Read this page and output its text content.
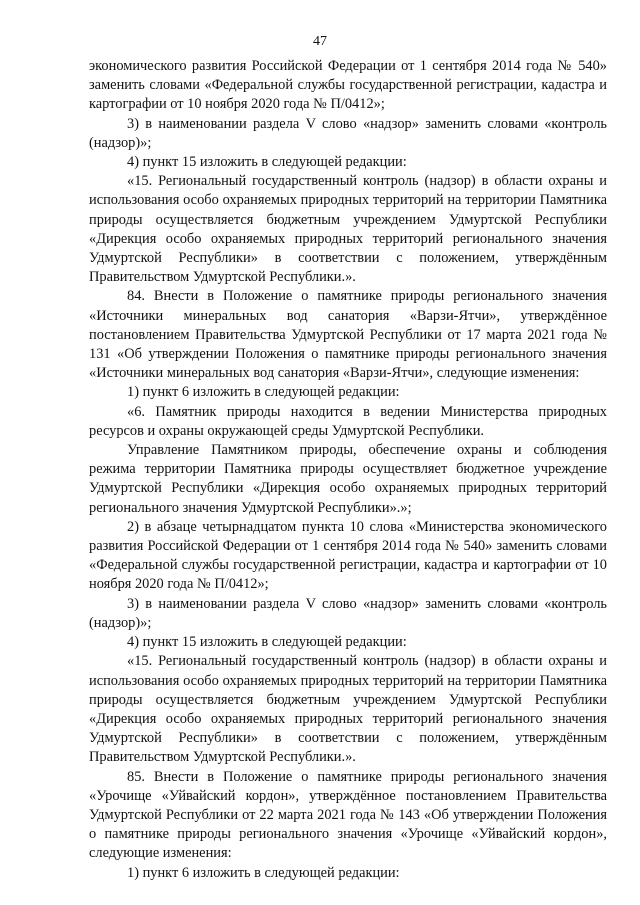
47

экономического развития Российской Федерации от 1 сентября 2014 года № 540» заменить словами «Федеральной службы государственной регистрации, кадастра и картографии от 10 ноября 2020 года № П/0412»;

3) в наименовании раздела V слово «надзор» заменить словами «контроль (надзор)»;

4) пункт 15 изложить в следующей редакции:

«15. Региональный государственный контроль (надзор) в области охраны и использования особо охраняемых природных территорий на территории Памятника природы осуществляется бюджетным учреждением Удмуртской Республики «Дирекция особо охраняемых природных территорий регионального значения Удмуртской Республики» в соответствии с положением, утверждённым Правительством Удмуртской Республики.».

84. Внести в Положение о памятнике природы регионального значения «Источники минеральных вод санатория «Варзи-Ятчи», утверждённое постановлением Правительства Удмуртской Республики от 17 марта 2021 года № 131 «Об утверждении Положения о памятнике природы регионального значения «Источники минеральных вод санатория «Варзи-Ятчи», следующие изменения:

1) пункт 6 изложить в следующей редакции:

«6. Памятник природы находится в ведении Министерства природных ресурсов и охраны окружающей среды Удмуртской Республики.

Управление Памятником природы, обеспечение охраны и соблюдения режима территории Памятника природы осуществляет бюджетное учреждение Удмуртской Республики «Дирекция особо охраняемых природных территорий регионального значения Удмуртской Республики».»;

2) в абзаце четырнадцатом пункта 10 слова «Министерства экономического развития Российской Федерации от 1 сентября 2014 года № 540» заменить словами «Федеральной службы государственной регистрации, кадастра и картографии от 10 ноября 2020 года № П/0412»;

3) в наименовании раздела V слово «надзор» заменить словами «контроль (надзор)»;

4) пункт 15 изложить в следующей редакции:

«15. Региональный государственный контроль (надзор) в области охраны и использования особо охраняемых природных территорий на территории Памятника природы осуществляется бюджетным учреждением Удмуртской Республики «Дирекция особо охраняемых природных территорий регионального значения Удмуртской Республики» в соответствии с положением, утверждённым Правительством Удмуртской Республики.».

85. Внести в Положение о памятнике природы регионального значения «Урочище «Уйвайский кордон», утверждённое постановлением Правительства Удмуртской Республики от 22 марта 2021 года № 143 «Об утверждении Положения о памятнике природы регионального значения «Урочище «Уйвайский кордон», следующие изменения:

1) пункт 6 изложить в следующей редакции:
